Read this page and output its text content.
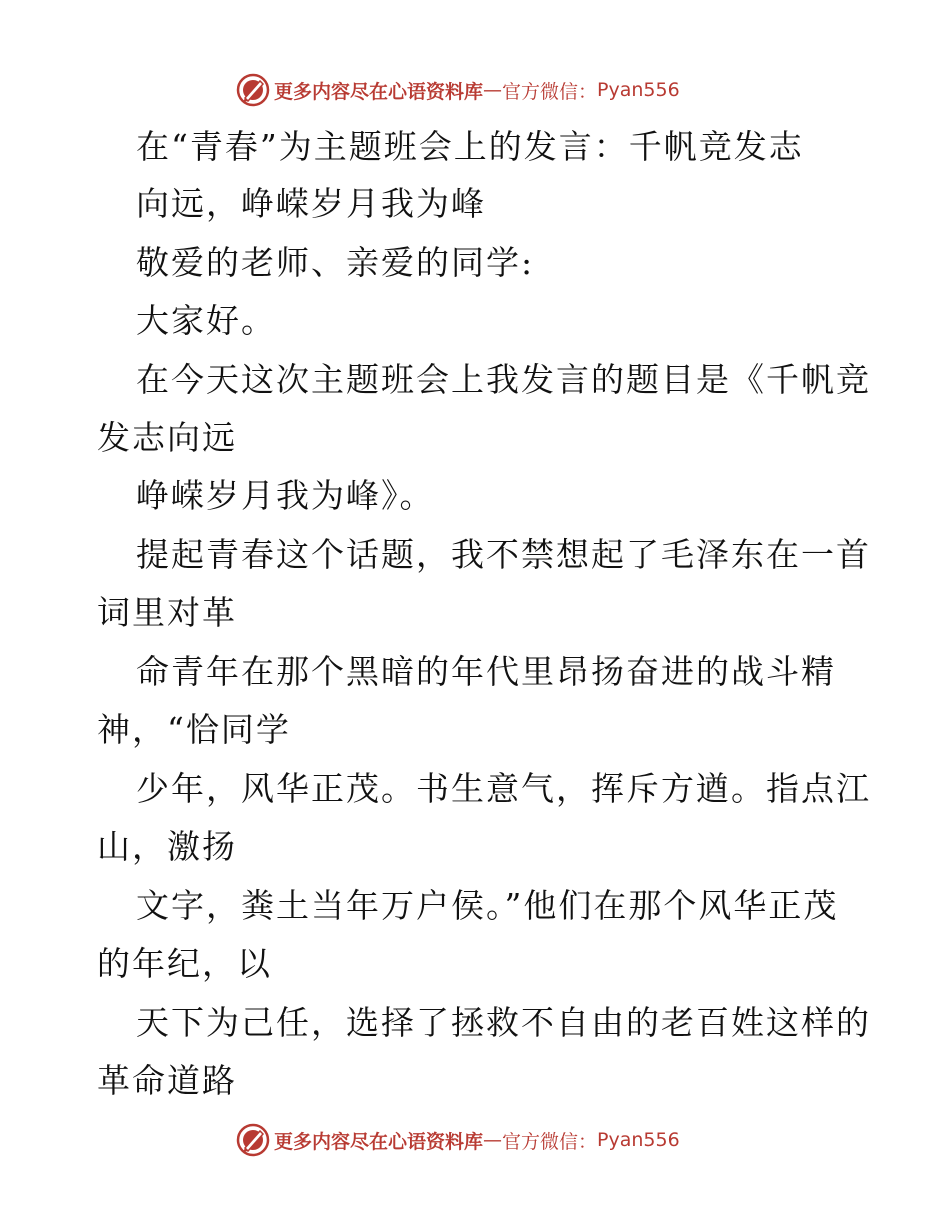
更多内容尽在心语资料库 — 官方微信： Pyan556
在“青春”为主题班会上的发言：千帆竞发志
向远，峥嵘岁月我为峰
敬爱的老师、亲爱的同学:
大家好。
在今天这次主题班会上我发言的题目是《千帆竞
发志向远
峥嵘岁月我为峰》。
提起青春这个话题，我不禁想起了毛泽东在一首
词里对革
命青年在那个黑暗的年代里昂扬奋进的战斗精
神，“恰同学
少年，风华正茂。书生意气，挥斥方遒。指点江
山，激扬
文字，粪土当年万户侯。”他们在那个风华正茂
的年纪，以
天下为己任，选择了拯救不自由的老百姓这样的
革命道路
更多内容尽在心语资料库 — 官方微信： Pyan556
